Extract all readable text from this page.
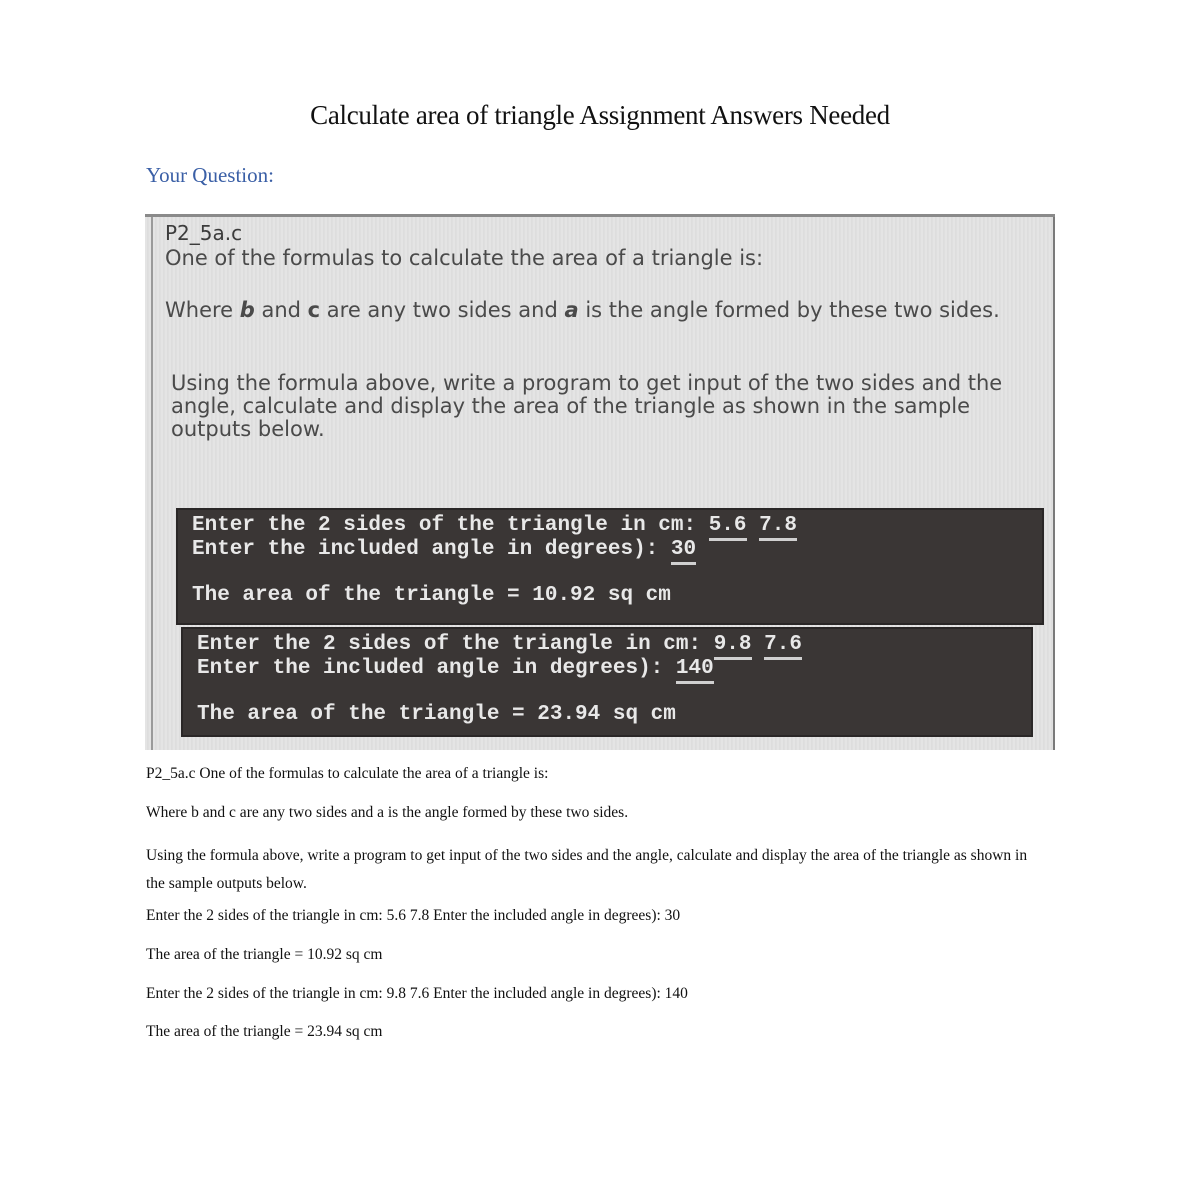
Calculate area of triangle Assignment Answers Needed
Your Question:
P2_5a.c
One of the formulas to calculate the area of a triangle is:
Where b and c are any two sides and a is the angle formed by these two sides.
Using the formula above, write a program to get input of the two sides and the angle, calculate and display the area of the triangle as shown in the sample outputs below.
Enter the 2 sides of the triangle in cm: 5.6 7.8
Enter the included angle in degrees): 30
The area of the triangle = 10.92 sq cm
Enter the 2 sides of the triangle in cm: 9.8 7.6
Enter the included angle in degrees): 140
The area of the triangle = 23.94 sq cm
P2_5a.c One of the formulas to calculate the area of a triangle is:
Where b and c are any two sides and a is the angle formed by these two sides.
Using the formula above, write a program to get input of the two sides and the angle, calculate and display the area of the triangle as shown in the sample outputs below.
Enter the 2 sides of the triangle in cm: 5.6 7.8 Enter the included angle in degrees): 30
The area of the triangle = 10.92 sq cm
Enter the 2 sides of the triangle in cm: 9.8 7.6 Enter the included angle in degrees): 140
The area of the triangle = 23.94 sq cm
